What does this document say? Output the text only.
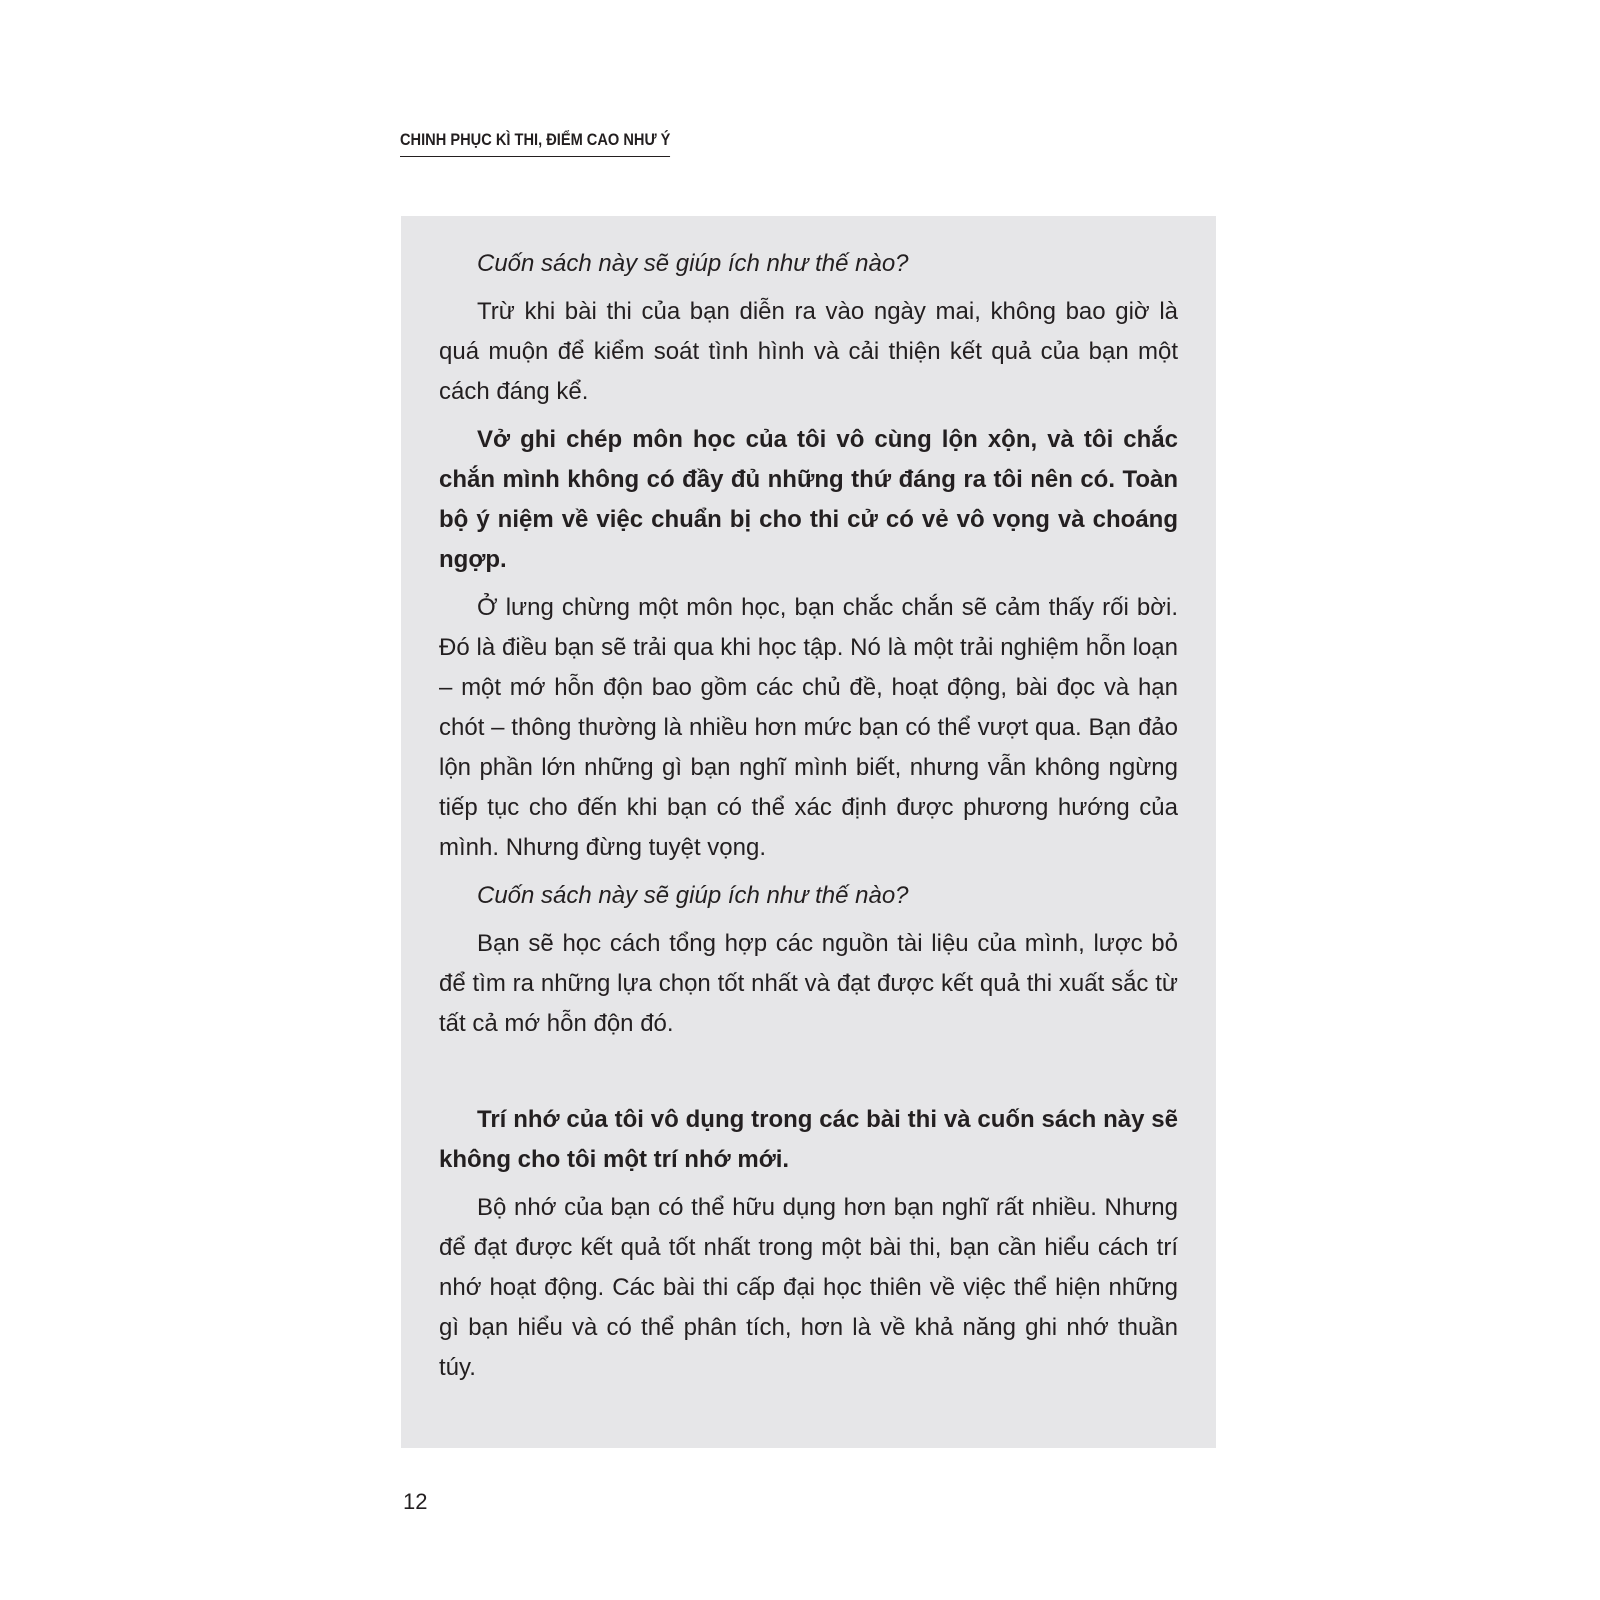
CHINH PHỤC KÌ THI, ĐIỂM CAO NHƯ Ý

Cuốn sách này sẽ giúp ích như thế nào?

Trừ khi bài thi của bạn diễn ra vào ngày mai, không bao giờ là quá muộn để kiểm soát tình hình và cải thiện kết quả của bạn một cách đáng kể.

Vở ghi chép môn học của tôi vô cùng lộn xộn, và tôi chắc chắn mình không có đầy đủ những thứ đáng ra tôi nên có. Toàn bộ ý niệm về việc chuẩn bị cho thi cử có vẻ vô vọng và choáng ngợp.

Ở lưng chừng một môn học, bạn chắc chắn sẽ cảm thấy rối bời. Đó là điều bạn sẽ trải qua khi học tập. Nó là một trải nghiệm hỗn loạn – một mớ hỗn độn bao gồm các chủ đề, hoạt động, bài đọc và hạn chót – thông thường là nhiều hơn mức bạn có thể vượt qua. Bạn đảo lộn phần lớn những gì bạn nghĩ mình biết, nhưng vẫn không ngừng tiếp tục cho đến khi bạn có thể xác định được phương hướng của mình. Nhưng đừng tuyệt vọng.

Cuốn sách này sẽ giúp ích như thế nào?

Bạn sẽ học cách tổng hợp các nguồn tài liệu của mình, lược bỏ để tìm ra những lựa chọn tốt nhất và đạt được kết quả thi xuất sắc từ tất cả mớ hỗn độn đó.

Trí nhớ của tôi vô dụng trong các bài thi và cuốn sách này sẽ không cho tôi một trí nhớ mới.

Bộ nhớ của bạn có thể hữu dụng hơn bạn nghĩ rất nhiều. Nhưng để đạt được kết quả tốt nhất trong một bài thi, bạn cần hiểu cách trí nhớ hoạt động. Các bài thi cấp đại học thiên về việc thể hiện những gì bạn hiểu và có thể phân tích, hơn là về khả năng ghi nhớ thuần túy.

12
